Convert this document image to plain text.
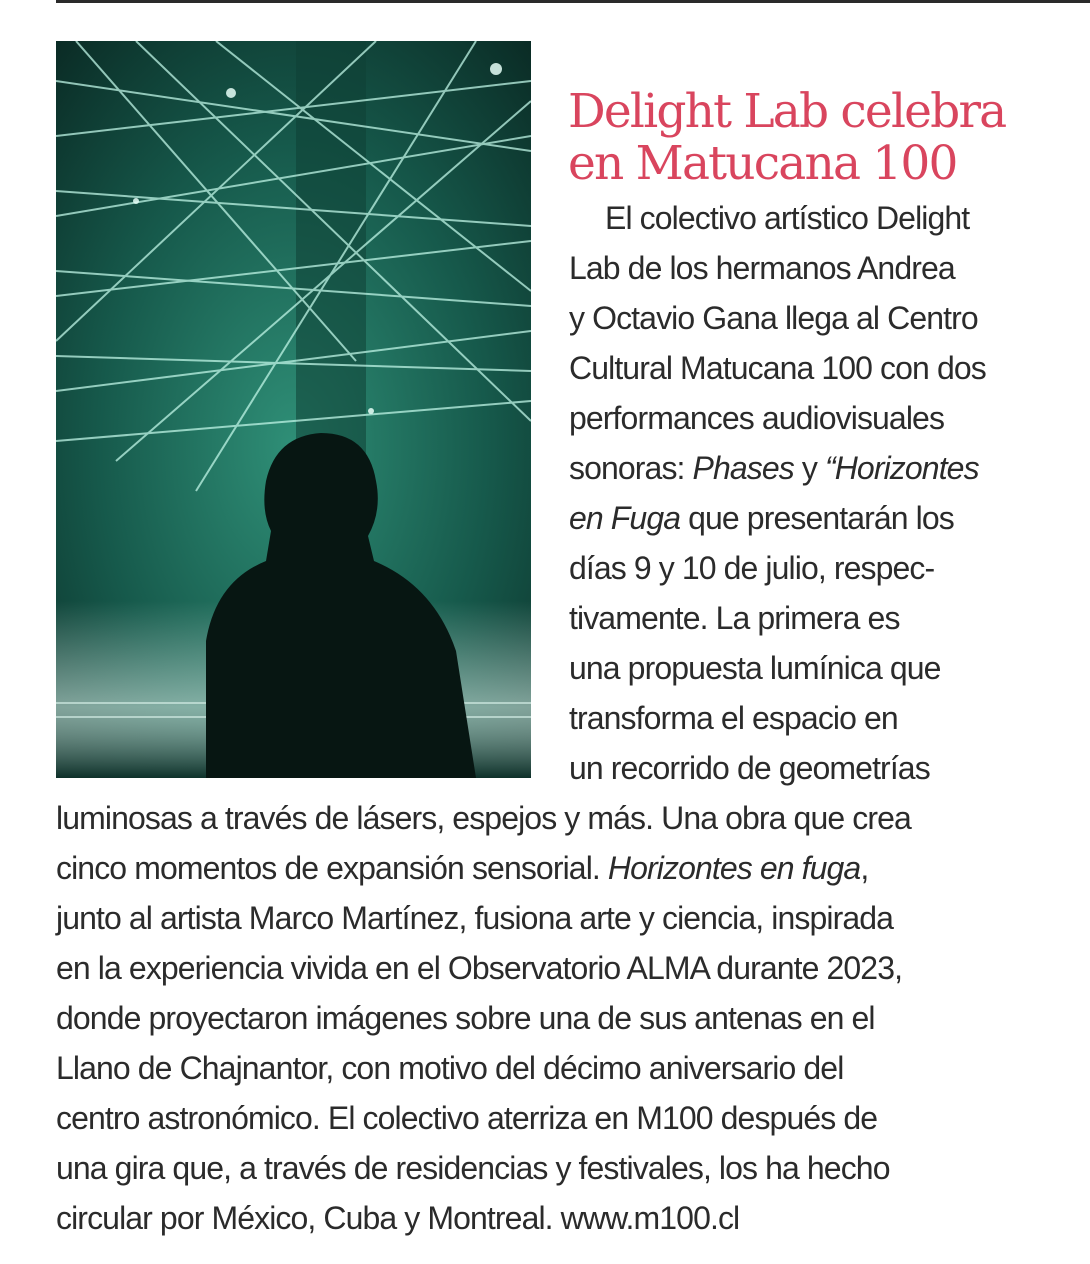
Delight Lab celebra en Matucana 100
El colectivo artístico Delight
Lab de los hermanos Andrea
y Octavio Gana llega al Centro
Cultural Matucana 100 con dos
performances audiovisuales
sonoras: Phases y “Horizontes
en Fuga que presentarán los
días 9 y 10 de julio, respec-
tivamente. La primera es
una propuesta lumínica que
transforma el espacio en
un recorrido de geometrías
luminosas a través de lásers, espejos y más. Una obra que crea
cinco momentos de expansión sensorial. Horizontes en fuga,
junto al artista Marco Martínez, fusiona arte y ciencia, inspirada
en la experiencia vivida en el Observatorio ALMA durante 2023,
donde proyectaron imágenes sobre una de sus antenas en el
Llano de Chajnantor, con motivo del décimo aniversario del
centro astronómico. El colectivo aterriza en M100 después de
una gira que, a través de residencias y festivales, los ha hecho
circular por México, Cuba y Montreal. www.m100.cl
